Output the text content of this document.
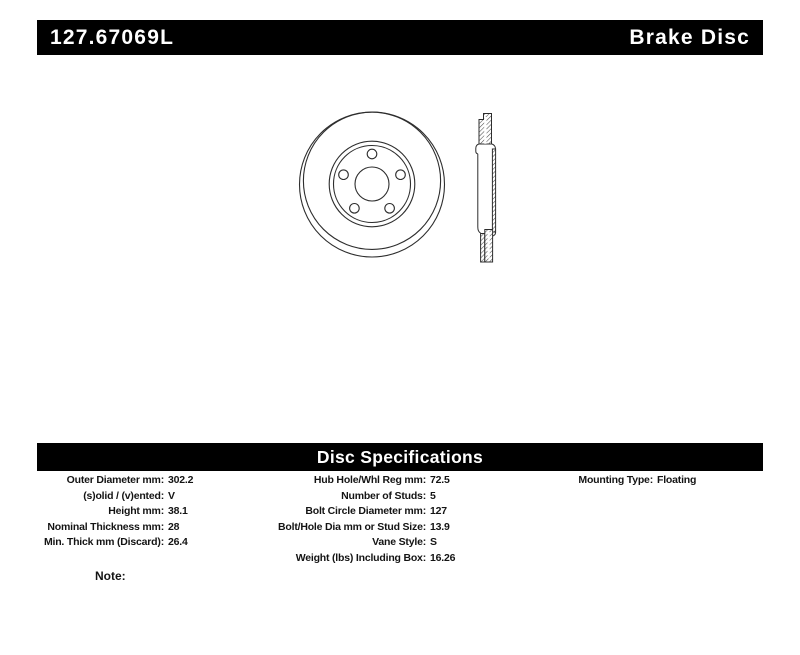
127.67069L	Brake Disc
Disc Specifications
Outer Diameter mm: 302.2
(s)olid / (v)ented: V
Height mm: 38.1
Nominal Thickness mm: 28
Min. Thick mm (Discard): 26.4
Hub Hole/Whl Reg mm: 72.5
Number of Studs: 5
Bolt Circle Diameter mm: 127
Bolt/Hole Dia mm or Stud Size: 13.9
Vane Style: S
Weight (lbs) Including Box: 16.26
Mounting Type: Floating
Note:
